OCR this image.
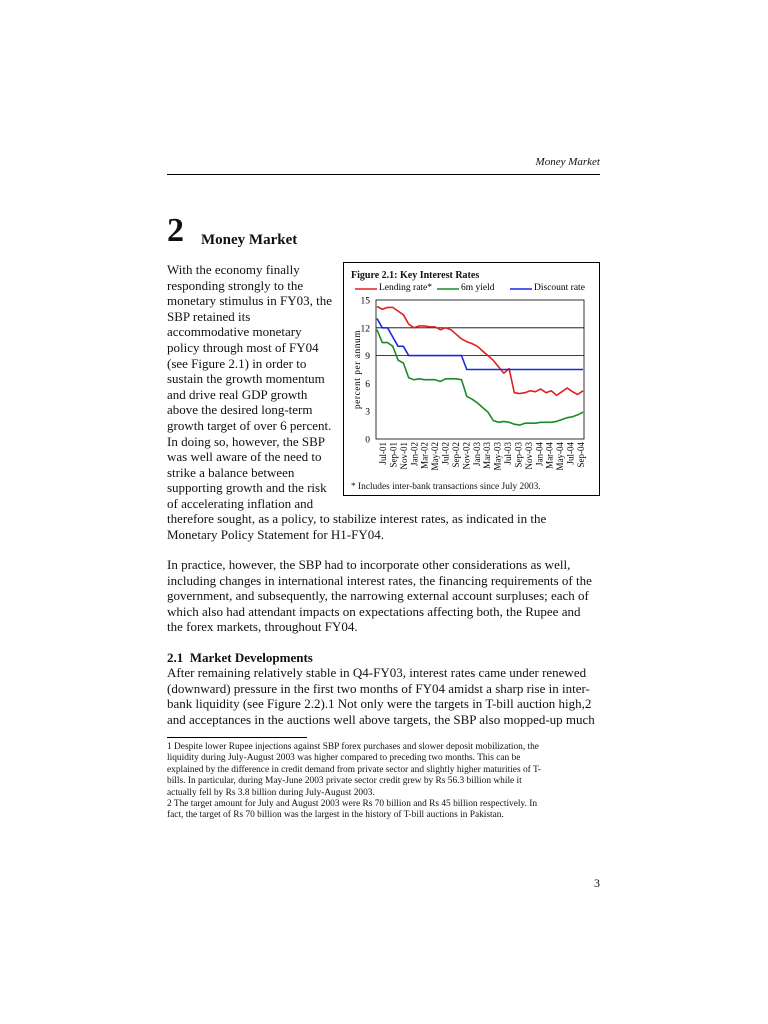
Money Market
2 Money Market
With the economy finally
responding strongly to the
monetary stimulus in FY03, the
SBP retained its
accommodative monetary
policy through most of FY04
(see Figure 2.1) in order to
sustain the growth momentum
and drive real GDP growth
above the desired long-term
growth target of over 6 percent.
In doing so, however, the SBP
was well aware of the need to
strike a balance between
supporting growth and the risk
of accelerating inflation and
therefore sought, as a policy, to stabilize interest rates, as indicated in the
Monetary Policy Statement for H1-FY04.
In practice, however, the SBP had to incorporate other considerations as well,
including changes in international interest rates, the financing requirements of the
government, and subsequently, the narrowing external account surpluses; each of
which also had attendant impacts on expectations affecting both, the Rupee and
the forex markets, throughout FY04.
2.1 Market Developments
After remaining relatively stable in Q4-FY03, interest rates came under renewed
(downward) pressure in the first two months of FY04 amidst a sharp rise in inter-
bank liquidity (see Figure 2.2).1 Not only were the targets in T-bill auction high,2
and acceptances in the auctions well above targets, the SBP also mopped-up much
1 Despite lower Rupee injections against SBP forex purchases and slower deposit mobilization, the
liquidity during July-August 2003 was higher compared to preceding two months. This can be
explained by the difference in credit demand from private sector and slightly higher maturities of T-
bills. In particular, during May-June 2003 private sector credit grew by Rs 56.3 billion while it
actually fell by Rs 3.8 billion during July-August 2003.
2 The target amount for July and August 2003 were Rs 70 billion and Rs 45 billion respectively. In
fact, the target of Rs 70 billion was the largest in the history of T-bill auctions in Pakistan.
3
Figure 2.1: Key Interest Rates
0
3
6
9
12
15
percent per annum
Jul-01 Sep-01 Nov-01 Jan-02 Mar-02 May-02 Jul-02 Sep-02 Nov-02 Jan-03 Mar-03 May-03 Jul-03 Sep-03 Nov-03 Jan-04 Mar-04 May-04 Jul-04 Sep-04
Lending rate*	6m yield	Discount rate
* Includes inter-bank transactions since July 2003.
